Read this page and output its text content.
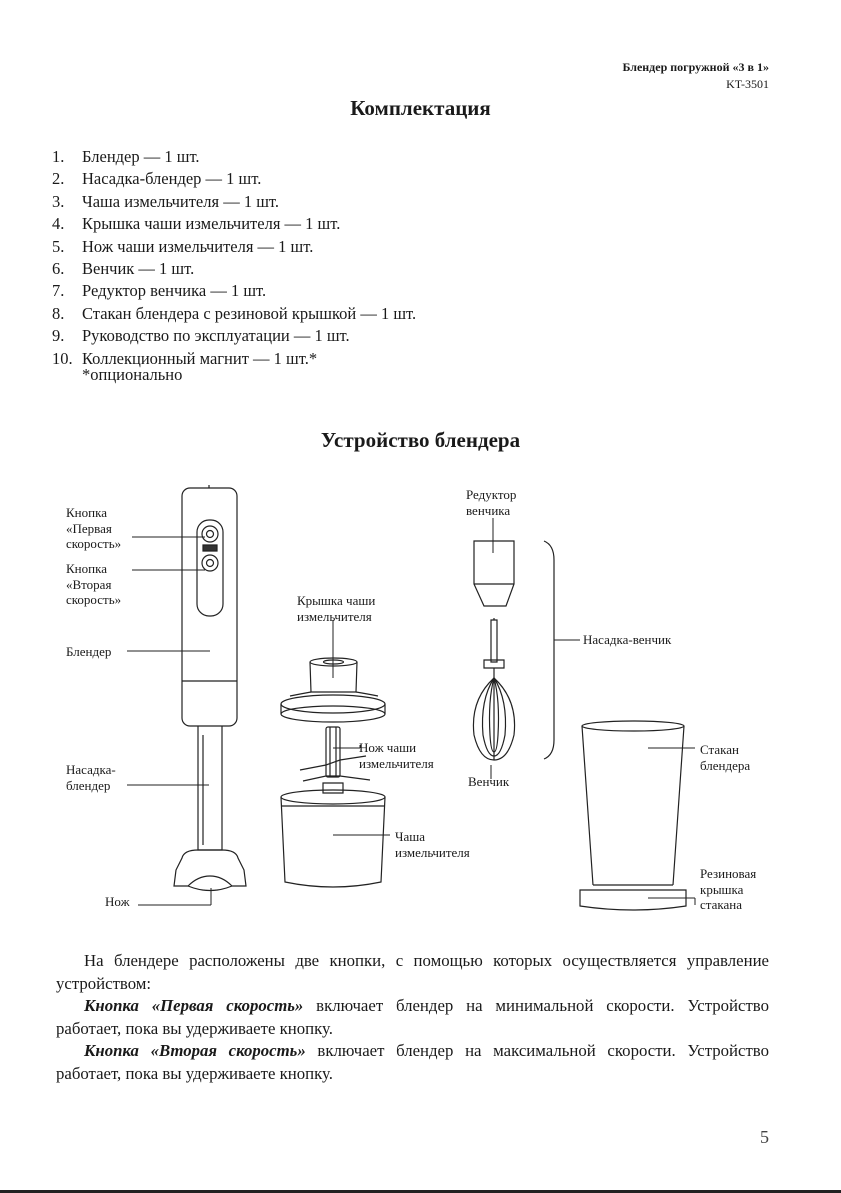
Блендер погружной «3 в 1»
KT-3501
Комплектация
1.	Блендер — 1 шт.
2.	Насадка-блендер — 1 шт.
3.	Чаша измельчителя — 1 шт.
4.	Крышка чаши измельчителя — 1 шт.
5.	Нож чаши измельчителя — 1 шт.
6.	Венчик — 1 шт.
7.	Редуктор венчика — 1 шт.
8.	Стакан блендера с резиновой крышкой — 1 шт.
9.	Руководство по эксплуатации — 1 шт.
10. Коллекционный магнит — 1 шт.*
*опционально
Устройство блендера
Кнопка
«Первая
скорость»
Кнопка
«Вторая
скорость»
Блендер
Насадка-
блендер
Нож
Крышка чаши
измельчителя
Нож чаши
измельчителя
Чаша
измельчителя
Редуктор
венчика
Венчик
Насадка-венчик
Стакан
блендера
Резиновая
крышка
стакана
На блендере расположены две кнопки, с помощью которых осуществляется управление устройством:
Кнопка «Первая скорость» включает блендер на минимальной скорости. Устройство работает, пока вы удерживаете кнопку.
Кнопка «Вторая скорость» включает блендер на максимальной скорости. Устройство работает, пока вы удерживаете кнопку.
5
